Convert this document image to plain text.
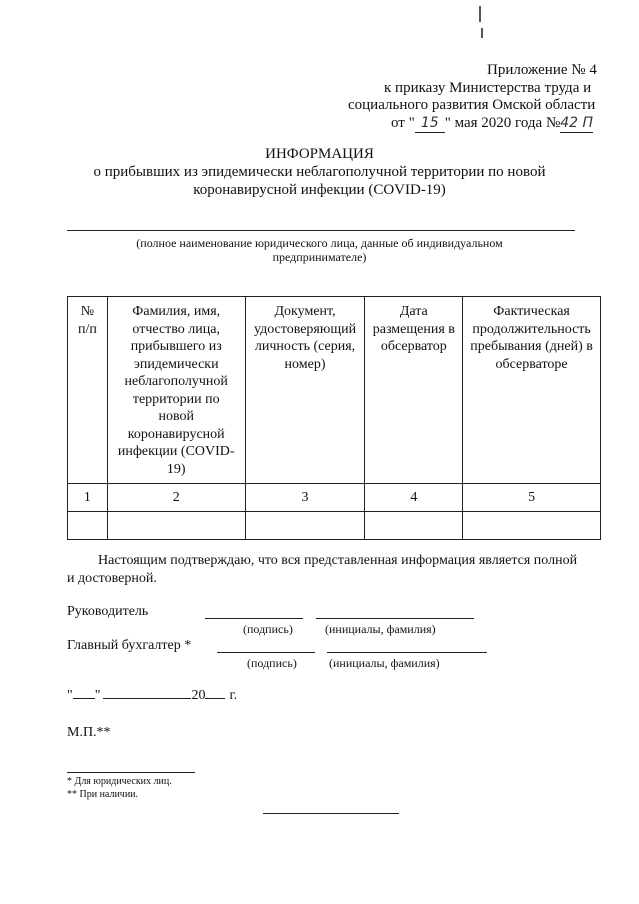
Приложение № 4
к приказу Министерства труда и
социального развития Омской области
от " 15 " мая 2020 года №42 П
ИНФОРМАЦИЯ
о прибывших из эпидемически неблагополучной территории по новой
коронавирусной инфекции (COVID-19)
(полное наименование юридического лица, данные об индивидуальном
предпринимателе)
№ п/п	Фамилия, имя, отчество лица, прибывшего из эпидемически неблагополучной территории по новой коронавирусной инфекции (COVID-19)	Документ, удостоверяющий личность (серия, номер)	Дата размещения в обсерватор	Фактическая продолжительность пребывания (дней) в обсерваторе
1	2	3	4	5

Настоящим подтверждаю, что вся представленная информация является полной
и достоверной.
Руководитель
(подпись)	(инициалы, фамилия)
Главный бухгалтер *
(подпись)	(инициалы, фамилия)
" "	20 г.
М.П.**
* Для юридических лиц.
** При наличии.
